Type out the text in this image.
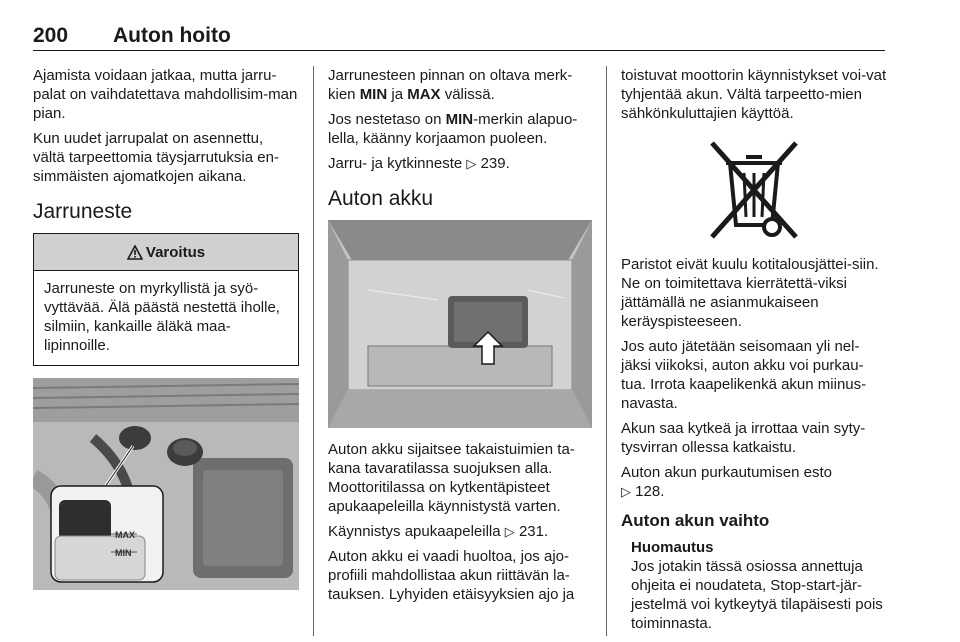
200 Auton hoito

Ajamista voidaan jatkaa, mutta jarru-palat on vaihdatettava mahdollisim-man pian.

Kun uudet jarrupalat on asennettu, vältä tarpeettomia täysjarrutuksia en-simmäisten ajomatkojen aikana.

Jarruneste
Varoitus
Jarruneste on myrkyllistä ja syö-vyttävää. Älä päästä nestettä iholle, silmiin, kankaille äläkä maa-lipinnoille.
MAX
MIN

Jarrunesteen pinnan on oltava merk-kien MIN ja MAX välissä.

Jos nestetaso on MIN-merkin alapuo-lella, käänny korjaamon puoleen.

Jarru- ja kytkinneste ▷ 239.

Auton akku

Auton akku sijaitsee takaistuimien ta-kana tavaratilassa suojuksen alla. Moottoritilassa on kytkentäpisteet apukaapeleilla käynnistystä varten.

Käynnistys apukaapeleilla ▷ 231.

Auton akku ei vaadi huoltoa, jos ajo-profiili mahdollistaa akun riittävän la-tauksen. Lyhyiden etäisyyksien ajo ja

toistuvat moottorin käynnistykset voi-vat tyhjentää akun. Vältä tarpeetto-mien sähkönkuluttajien käyttöä.

Paristot eivät kuulu kotitalousjättei-siin. Ne on toimitettava kierrätettä-viksi jättämällä ne asianmukaiseen keräyspisteeseen.

Jos auto jätetään seisomaan yli nel-jäksi viikoksi, auton akku voi purkau-tua. Irrota kaapelikenkä akun miinus-navasta.

Akun saa kytkeä ja irrottaa vain syty-tysvirran ollessa katkaistu.

Auton akun purkautumisen esto
▷ 128.

Auton akun vaihto
Huomautus
Jos jotakin tässä osiossa annettuja ohjeita ei noudateta, Stop-start-jär-jestelmä voi kytkeytyä tilapäisesti pois toiminnasta.
